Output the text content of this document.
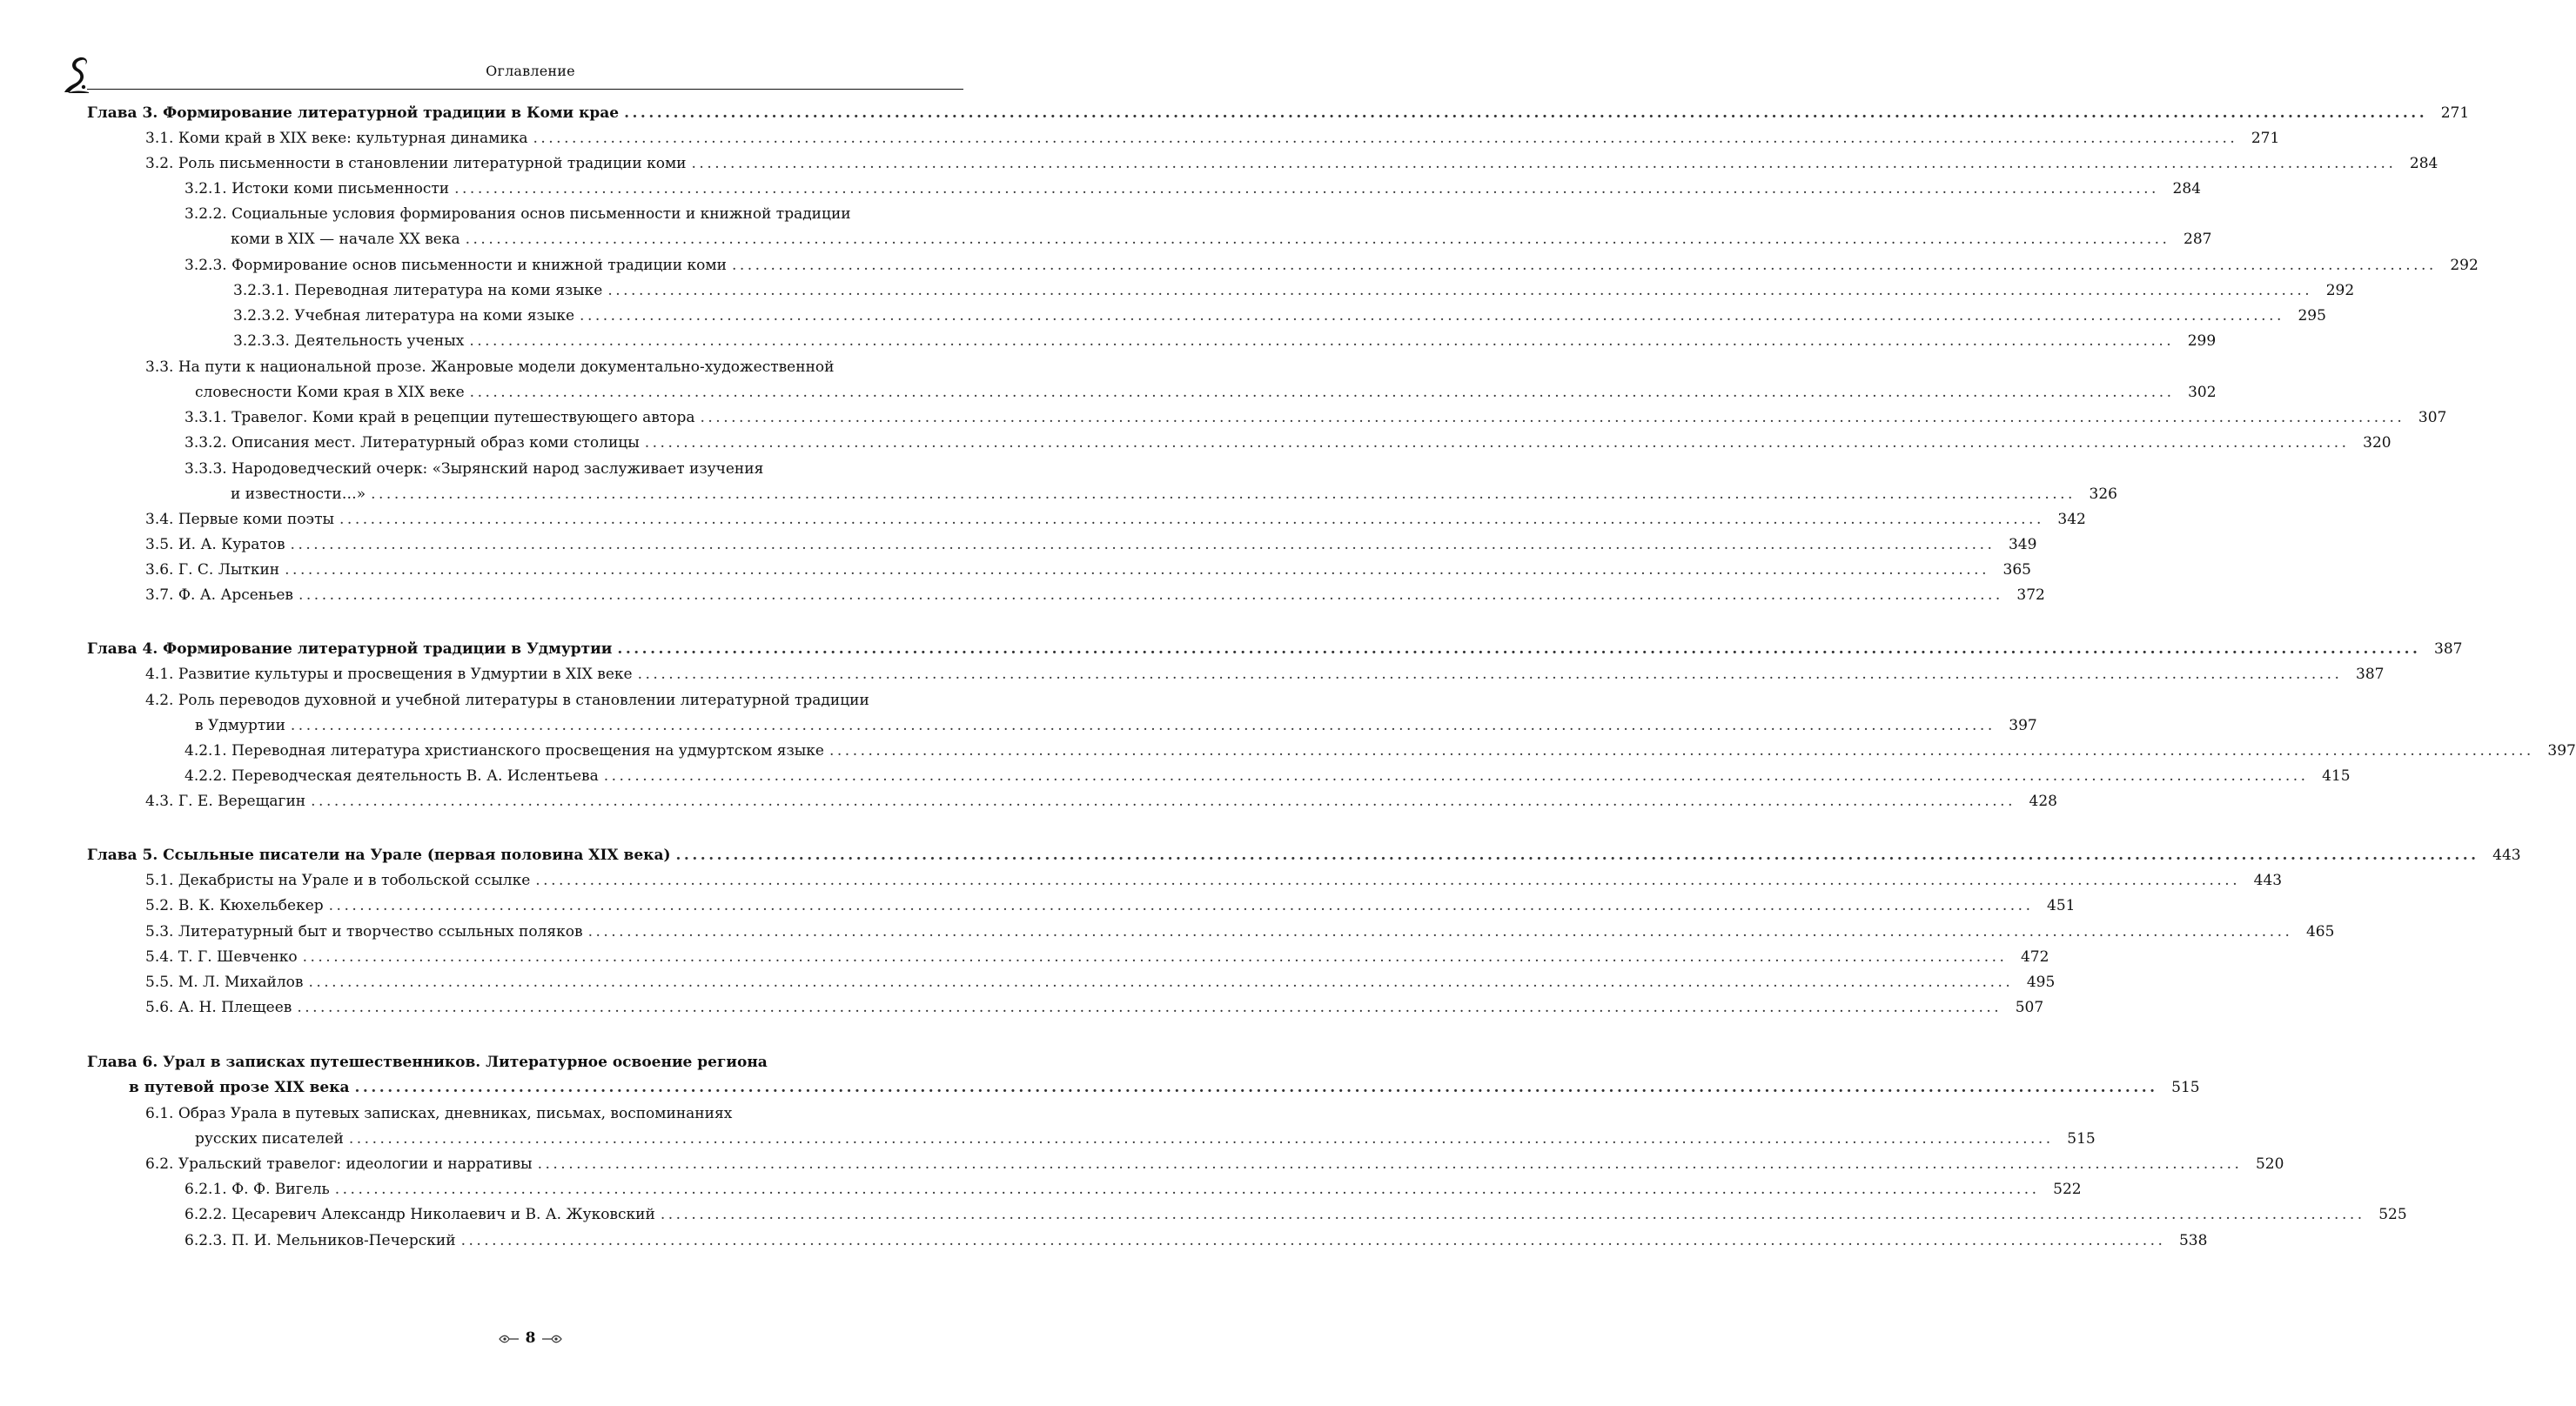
Оглавление
Глава 3. Формирование литературной традиции в Коми крае ............................................................................................................................................................................................................................ 271
3.1. Коми край в XIX веке: культурная динамика ............................................................................................................................................................................................................................ 271
3.2. Роль письменности в становлении литературной традиции коми ............................................................................................................................................................................................................................ 284
3.2.1. Истоки коми письменности ............................................................................................................................................................................................................................ 284
3.2.2. Социальные условия формирования основ письменности и книжной традиции
коми в XIX — начале XX века ............................................................................................................................................................................................................................ 287
3.2.3. Формирование основ письменности и книжной традиции коми ............................................................................................................................................................................................................................ 292
3.2.3.1. Переводная литература на коми языке ............................................................................................................................................................................................................................ 292
3.2.3.2. Учебная литература на коми языке ............................................................................................................................................................................................................................ 295
3.2.3.3. Деятельность ученых ............................................................................................................................................................................................................................ 299
3.3. На пути к национальной прозе. Жанровые модели документально-художественной
словесности Коми края в XIX веке ............................................................................................................................................................................................................................ 302
3.3.1. Травелог. Коми край в рецепции путешествующего автора ............................................................................................................................................................................................................................ 307
3.3.2. Описания мест. Литературный образ коми столицы ............................................................................................................................................................................................................................ 320
3.3.3. Народоведческий очерк: «Зырянский народ заслуживает изучения
и известности…» ............................................................................................................................................................................................................................ 326
3.4. Первые коми поэты ............................................................................................................................................................................................................................ 342
3.5. И. А. Куратов ............................................................................................................................................................................................................................ 349
3.6. Г. С. Лыткин ............................................................................................................................................................................................................................ 365
3.7. Ф. А. Арсеньев ............................................................................................................................................................................................................................ 372
Глава 4. Формирование литературной традиции в Удмуртии ............................................................................................................................................................................................................................ 387
4.1. Развитие культуры и просвещения в Удмуртии в XIX веке ............................................................................................................................................................................................................................ 387
4.2. Роль переводов духовной и учебной литературы в становлении литературной традиции
в Удмуртии ............................................................................................................................................................................................................................ 397
4.2.1. Переводная литература христианского просвещения на удмуртском языке ............................................................................................................................................................................................................................ 397
4.2.2. Переводческая деятельность В. А. Ислентьева ............................................................................................................................................................................................................................ 415
4.3. Г. Е. Верещагин ............................................................................................................................................................................................................................ 428
Глава 5. Ссыльные писатели на Урале (первая половина XIX века) ............................................................................................................................................................................................................................ 443
5.1. Декабристы на Урале и в тобольской ссылке ............................................................................................................................................................................................................................ 443
5.2. В. К. Кюхельбекер ............................................................................................................................................................................................................................ 451
5.3. Литературный быт и творчество ссыльных поляков ............................................................................................................................................................................................................................ 465
5.4. Т. Г. Шевченко ............................................................................................................................................................................................................................ 472
5.5. М. Л. Михайлов ............................................................................................................................................................................................................................ 495
5.6. А. Н. Плещеев ............................................................................................................................................................................................................................ 507
Глава 6. Урал в записках путешественников. Литературное освоение региона
в путевой прозе XIX века ............................................................................................................................................................................................................................ 515
6.1. Образ Урала в путевых записках, дневниках, письмах, воспоминаниях
русских писателей ............................................................................................................................................................................................................................ 515
6.2. Уральский травелог: идеологии и нарративы ............................................................................................................................................................................................................................ 520
6.2.1. Ф. Ф. Вигель ............................................................................................................................................................................................................................ 522
6.2.2. Цесаревич Александр Николаевич и В. А. Жуковский ............................................................................................................................................................................................................................ 525
6.2.3. П. И. Мельников-Печерский ............................................................................................................................................................................................................................ 538
8
